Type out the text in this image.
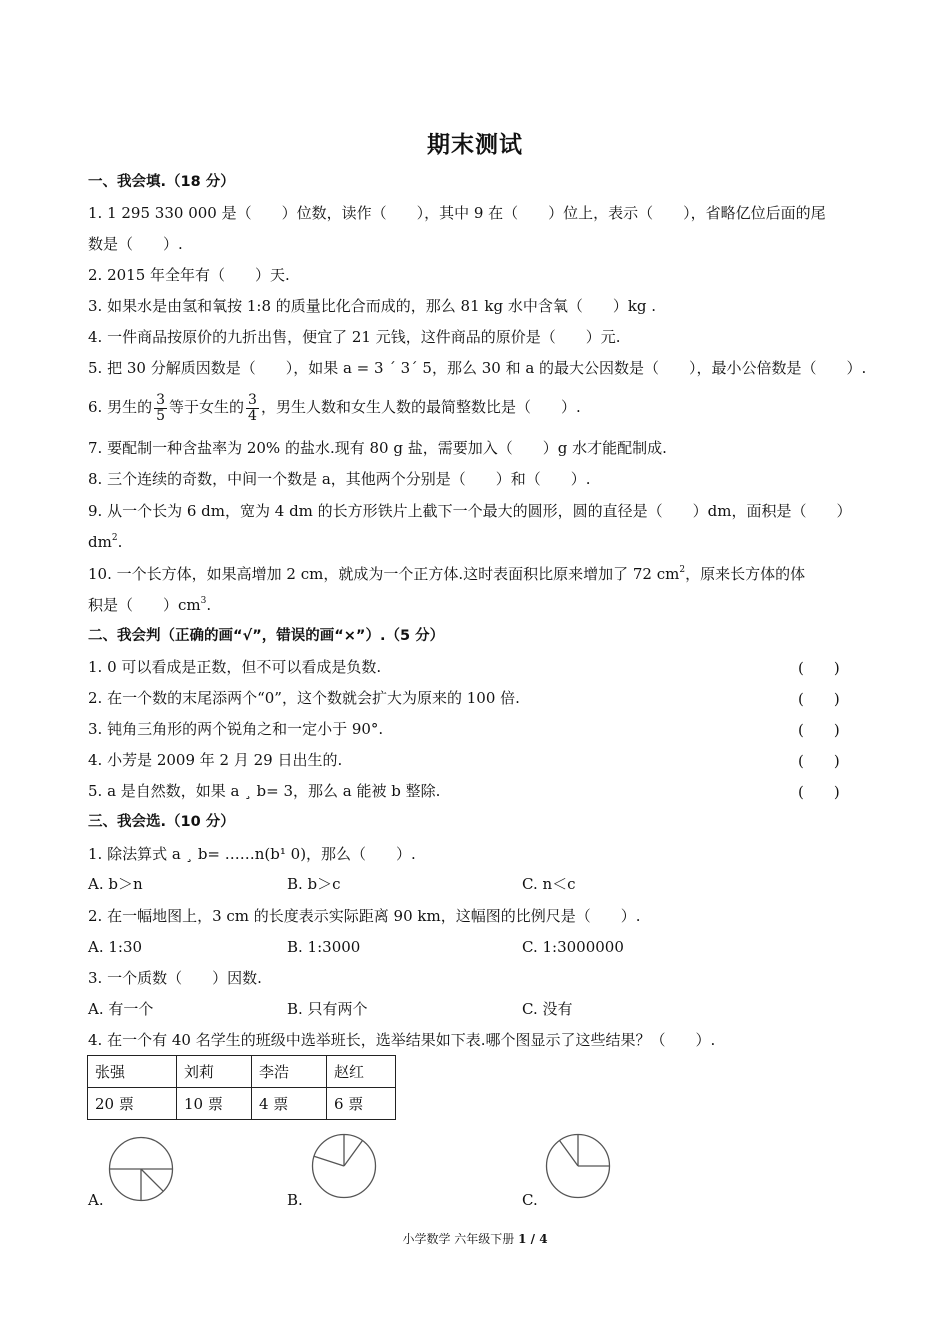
期末测试
一、我会填.（18 分）
1. 1 295 330 000 是（　　）位数，读作（　　），其中 9 在（　　）位上，表示（　　），省略亿位后面的尾
数是（　　）.
2. 2015 年全年有（　　）天.
3. 如果水是由氢和氧按 1:8 的质量比化合而成的，那么 81 kg 水中含氧（　　）kg .
4. 一件商品按原价的九折出售，便宜了 21 元钱，这件商品的原价是（　　）元.
5. 把 30 分解质因数是（　　），如果 a = 3 ´ 3´ 5，那么 30 和 a 的最大公因数是（　　），最小公倍数是（　　）.
6. 男生的 $\frac{3}{5}$ 等于女生的 $\frac{3}{4}$ ，男生人数和女生人数的最简整数比是（　　）.
7. 要配制一种含盐率为 20% 的盐水.现有 80 g 盐，需要加入（　　）g 水才能配制成.
8. 三个连续的奇数，中间一个数是 a，其他两个分别是（　　）和（　　）.
9. 从一个长为 6 dm，宽为 4 dm 的长方形铁片上截下一个最大的圆形，圆的直径是（　　）dm，面积是（　　）
$dm^2$.
10. 一个长方体，如果高增加 2 cm，就成为一个正方体.这时表面积比原来增加了 72 $cm^2$，原来长方体的体
积是（　　）$cm^3$.
二、我会判（正确的画“√”，错误的画“×”）.（5 分）
1. 0 可以看成是正数，但不可以看成是负数.	(　　)
2. 在一个数的末尾添两个“0”，这个数就会扩大为原来的 100 倍.	(　　)
3. 钝角三角形的两个锐角之和一定小于 90°.	(　　)
4. 小芳是 2009 年 2 月 29 日出生的.	(　　)
5. a 是自然数，如果 a ¸ b= 3，那么 a 能被 b 整除.	(　　)
三、我会选.（10 分）
1. 除法算式 a ¸ b= ……n(b¹ 0)，那么（　　）.
A. b＞n	B. b＞c	C. n＜c
2. 在一幅地图上，3 cm 的长度表示实际距离 90 km，这幅图的比例尺是（　　）.
A. 1:30	B. 1:3000	C. 1:3000000
3. 一个质数（　　）因数.
A. 有一个	B. 只有两个	C. 没有
4. 在一个有 40 名学生的班级中选举班长，选举结果如下表.哪个图显示了这些结果？（　　）.
张强	刘莉	李浩	赵红
20 票	10 票	4 票	6 票
A.	B.	C.
小学数学 六年级下册 1 / 4
